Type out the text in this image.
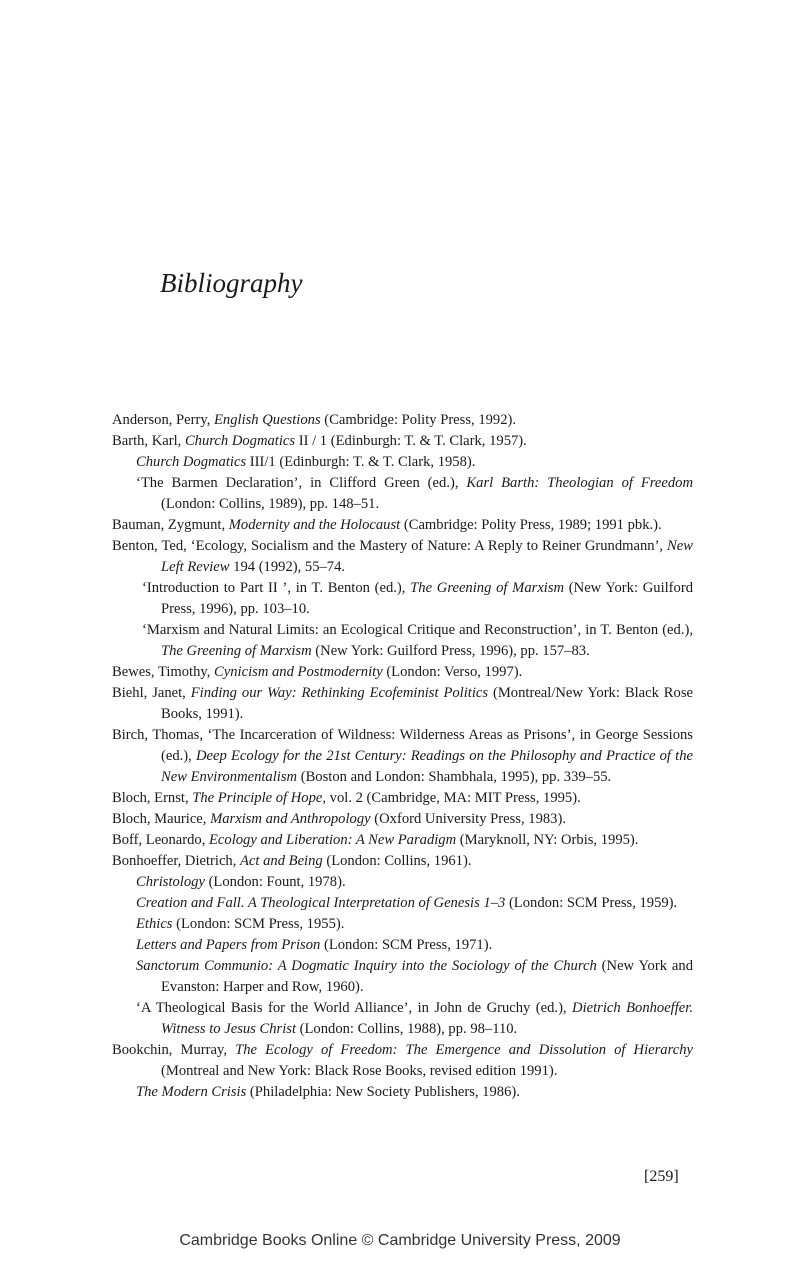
Bibliography

Anderson, Perry, English Questions (Cambridge: Polity Press, 1992).

Barth, Karl, Church Dogmatics II / 1 (Edinburgh: T. & T. Clark, 1957).

Church Dogmatics III/1 (Edinburgh: T. & T. Clark, 1958).

‘The Barmen Declaration’, in Clifford Green (ed.), Karl Barth: Theologian of Freedom (London: Collins, 1989), pp. 148–51.

Bauman, Zygmunt, Modernity and the Holocaust (Cambridge: Polity Press, 1989; 1991 pbk.).

Benton, Ted, ‘Ecology, Socialism and the Mastery of Nature: A Reply to Reiner Grundmann’, New Left Review 194 (1992), 55–74.

‘Introduction to Part II ’, in T. Benton (ed.), The Greening of Marxism (New York: Guilford Press, 1996), pp. 103–10.

‘Marxism and Natural Limits: an Ecological Critique and Reconstruction’, in T. Benton (ed.), The Greening of Marxism (New York: Guilford Press, 1996), pp. 157–83.

Bewes, Timothy, Cynicism and Postmodernity (London: Verso, 1997).

Biehl, Janet, Finding our Way: Rethinking Ecofeminist Politics (Montreal/New York: Black Rose Books, 1991).

Birch, Thomas, ‘The Incarceration of Wildness: Wilderness Areas as Prisons’, in George Sessions (ed.), Deep Ecology for the 21st Century: Readings on the Philosophy and Practice of the New Environmentalism (Boston and London: Shambhala, 1995), pp. 339–55.

Bloch, Ernst, The Principle of Hope, vol. 2 (Cambridge, MA: MIT Press, 1995).

Bloch, Maurice, Marxism and Anthropology (Oxford University Press, 1983).

Boff, Leonardo, Ecology and Liberation: A New Paradigm (Maryknoll, NY: Orbis, 1995).

Bonhoeffer, Dietrich, Act and Being (London: Collins, 1961).

Christology (London: Fount, 1978).

Creation and Fall. A Theological Interpretation of Genesis 1–3 (London: SCM Press, 1959).

Ethics (London: SCM Press, 1955).

Letters and Papers from Prison (London: SCM Press, 1971).

Sanctorum Communio: A Dogmatic Inquiry into the Sociology of the Church (New York and Evanston: Harper and Row, 1960).

‘A Theological Basis for the World Alliance’, in John de Gruchy (ed.), Dietrich Bonhoeffer. Witness to Jesus Christ (London: Collins, 1988), pp. 98–110.

Bookchin, Murray, The Ecology of Freedom: The Emergence and Dissolution of Hierarchy (Montreal and New York: Black Rose Books, revised edition 1991).

The Modern Crisis (Philadelphia: New Society Publishers, 1986).

[259]
Cambridge Books Online © Cambridge University Press, 2009
